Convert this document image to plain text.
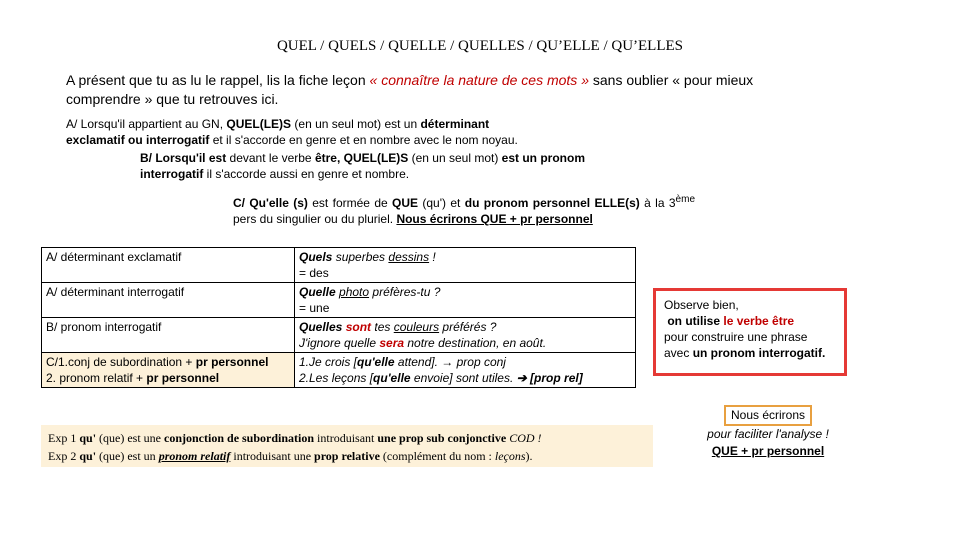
QUEL / QUELS / QUELLE / QUELLES / QU’ELLE / QU’ELLES
A présent que tu as lu le rappel, lis la fiche leçon « connaître la nature de ces mots » sans oublier « pour mieux comprendre » que tu retrouves ici.
A/ Lorsqu'il appartient au GN, QUEL(LE)S (en un seul mot) est un déterminant exclamatif ou interrogatif et il s'accorde en genre et en nombre avec le nom noyau.
B/ Lorsqu'il est devant le verbe être, QUEL(LE)S (en un seul mot) est un pronom interrogatif il s'accorde aussi en genre et nombre.
C/ Qu'elle (s) est formée de QUE (qu') et du pronom personnel ELLE(s) à la 3ème pers du singulier ou du pluriel. Nous écrirons QUE + pr personnel
A/ déterminant exclamatif	Quels superbes dessins !
= des
A/ déterminant interrogatif	Quelle photo préfères-tu ?
= une
B/ pronom interrogatif	Quelles sont tes couleurs préférés ?
J'ignore quelle sera notre destination, en août.
C/1.conj de subordination + pr personnel
2. pronom relatif + pr personnel	1.Je crois [qu'elle attend]. → prop conj
2.Les leçons [qu'elle envoie] sont utiles. ➔ [prop rel]
Observe bien,
on utilise le verbe être
pour construire une phrase avec un pronom interrogatif.
Exp 1 qu' (que) est une conjonction de subordination introduisant une prop sub conjonctive COD !
Exp 2 qu' (que) est un pronom relatif introduisant une prop relative (complément du nom : leçons).
Nous écrirons
pour faciliter l'analyse !
QUE + pr personnel
